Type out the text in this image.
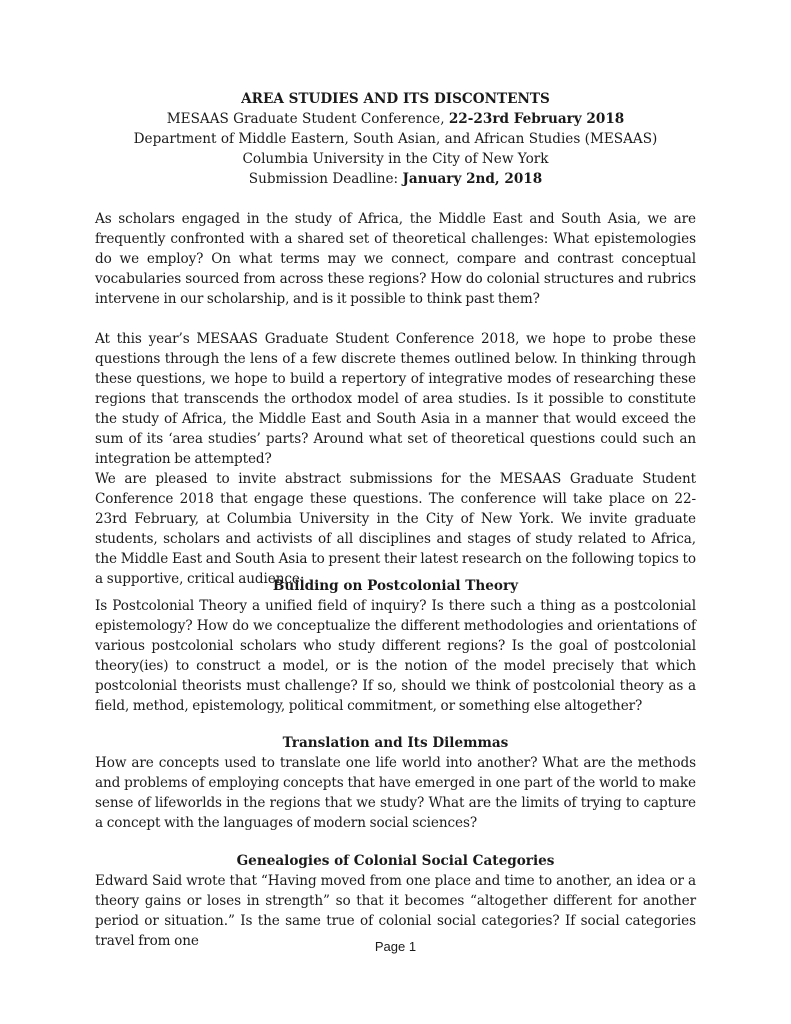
AREA STUDIES AND ITS DISCONTENTS
MESAAS Graduate Student Conference, 22-23rd February 2018
Department of Middle Eastern, South Asian, and African Studies (MESAAS)
Columbia University in the City of New York
Submission Deadline: January 2nd, 2018

As scholars engaged in the study of Africa, the Middle East and South Asia, we are frequently confronted with a shared set of theoretical challenges: What epistemologies do we employ? On what terms may we connect, compare and contrast conceptual vocabularies sourced from across these regions? How do colonial structures and rubrics intervene in our scholarship, and is it possible to think past them?

At this year’s MESAAS Graduate Student Conference 2018, we hope to probe these questions through the lens of a few discrete themes outlined below. In thinking through these questions, we hope to build a repertory of integrative modes of researching these regions that transcends the orthodox model of area studies. Is it possible to constitute the study of Africa, the Middle East and South Asia in a manner that would exceed the sum of its ‘area studies’ parts? Around what set of theoretical questions could such an integration be attempted?

We are pleased to invite abstract submissions for the MESAAS Graduate Student Conference 2018 that engage these questions. The conference will take place on 22-23rd February, at Columbia University in the City of New York. We invite graduate students, scholars and activists of all disciplines and stages of study related to Africa, the Middle East and South Asia to present their latest research on the following topics to a supportive, critical audience:

Building on Postcolonial Theory

Is Postcolonial Theory a unified field of inquiry? Is there such a thing as a postcolonial epistemology? How do we conceptualize the different methodologies and orientations of various postcolonial scholars who study different regions? Is the goal of postcolonial theory(ies) to construct a model, or is the notion of the model precisely that which postcolonial theorists must challenge? If so, should we think of postcolonial theory as a field, method, epistemology, political commitment, or something else altogether?

Translation and Its Dilemmas

How are concepts used to translate one life world into another? What are the methods and problems of employing concepts that have emerged in one part of the world to make sense of lifeworlds in the regions that we study? What are the limits of trying to capture a concept with the languages of modern social sciences?

Genealogies of Colonial Social Categories

Edward Said wrote that “Having moved from one place and time to another, an idea or a theory gains or loses in strength” so that it becomes “altogether different for another period or situation.” Is the same true of colonial social categories? If social categories travel from one	Page 1
